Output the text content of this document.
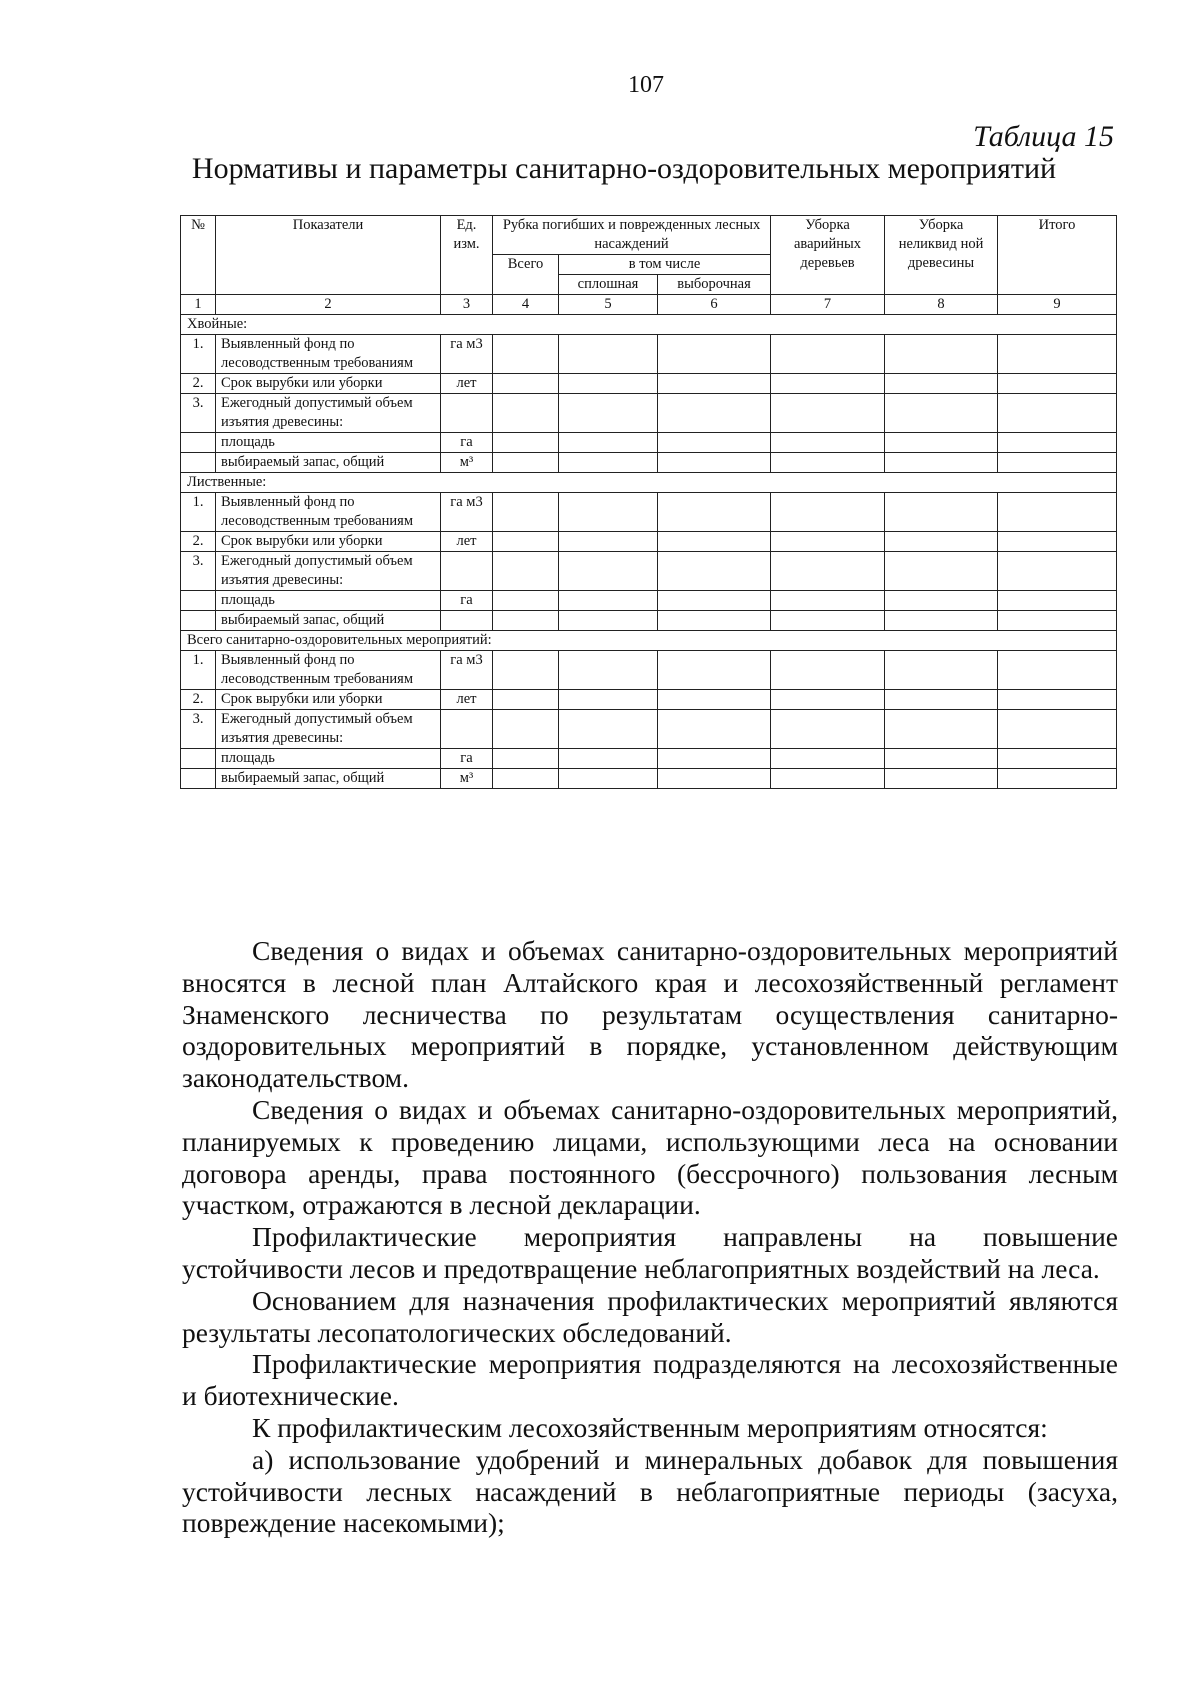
107
Таблица 15
Нормативы и параметры санитарно-оздоровительных мероприятий
№	Показатели	Ед. изм.	Рубка погибших и поврежденных лесных насаждений			Уборка аварийных деревьев	Уборка неликвид ной древесины	Итого
			Всего	в том числе				
				сплошная	выборочная			
1	2	3	4	5	6	7	8	9
Хвойные:								
1.	Выявленный фонд по лесоводственным требованиям	га м3						
2.	Срок вырубки или уборки	лет						
3.	Ежегодный допустимый объем изъятия древесины:							
	площадь	га						
	выбираемый запас, общий	м³						
Лиственные:								
1.	Выявленный фонд по лесоводственным требованиям	га м3						
2.	Срок вырубки или уборки	лет						
3.	Ежегодный допустимый объем изъятия древесины:							
	площадь	га						
	выбираемый запас, общий							
Всего санитарно-оздоровительных мероприятий:								
1.	Выявленный фонд по лесоводственным требованиям	га м3						
2.	Срок вырубки или уборки	лет						
3.	Ежегодный допустимый объем изъятия древесины:							
	площадь	га						
	выбираемый запас, общий	м³						

Сведения о видах и объемах санитарно-оздоровительных мероприятий вносятся в лесной план Алтайского края и лесохозяйственный регламент Знаменского лесничества по результатам осуществления санитарно-оздоровительных мероприятий в порядке, установленном действующим законодательством.

Сведения о видах и объемах санитарно-оздоровительных мероприятий, планируемых к проведению лицами, использующими леса на основании договора аренды, права постоянного (бессрочного) пользования лесным участком, отражаются в лесной декларации.

Профилактические мероприятия направлены на повышение устойчивости лесов и предотвращение неблагоприятных воздействий на леса.

Основанием для назначения профилактических мероприятий являются результаты лесопатологических обследований.

Профилактические мероприятия подразделяются на лесохозяйственные и биотехнические.

К профилактическим лесохозяйственным мероприятиям относятся:

а) использование удобрений и минеральных добавок для повышения устойчивости лесных насаждений в неблагоприятные периоды (засуха, повреждение насекомыми);
